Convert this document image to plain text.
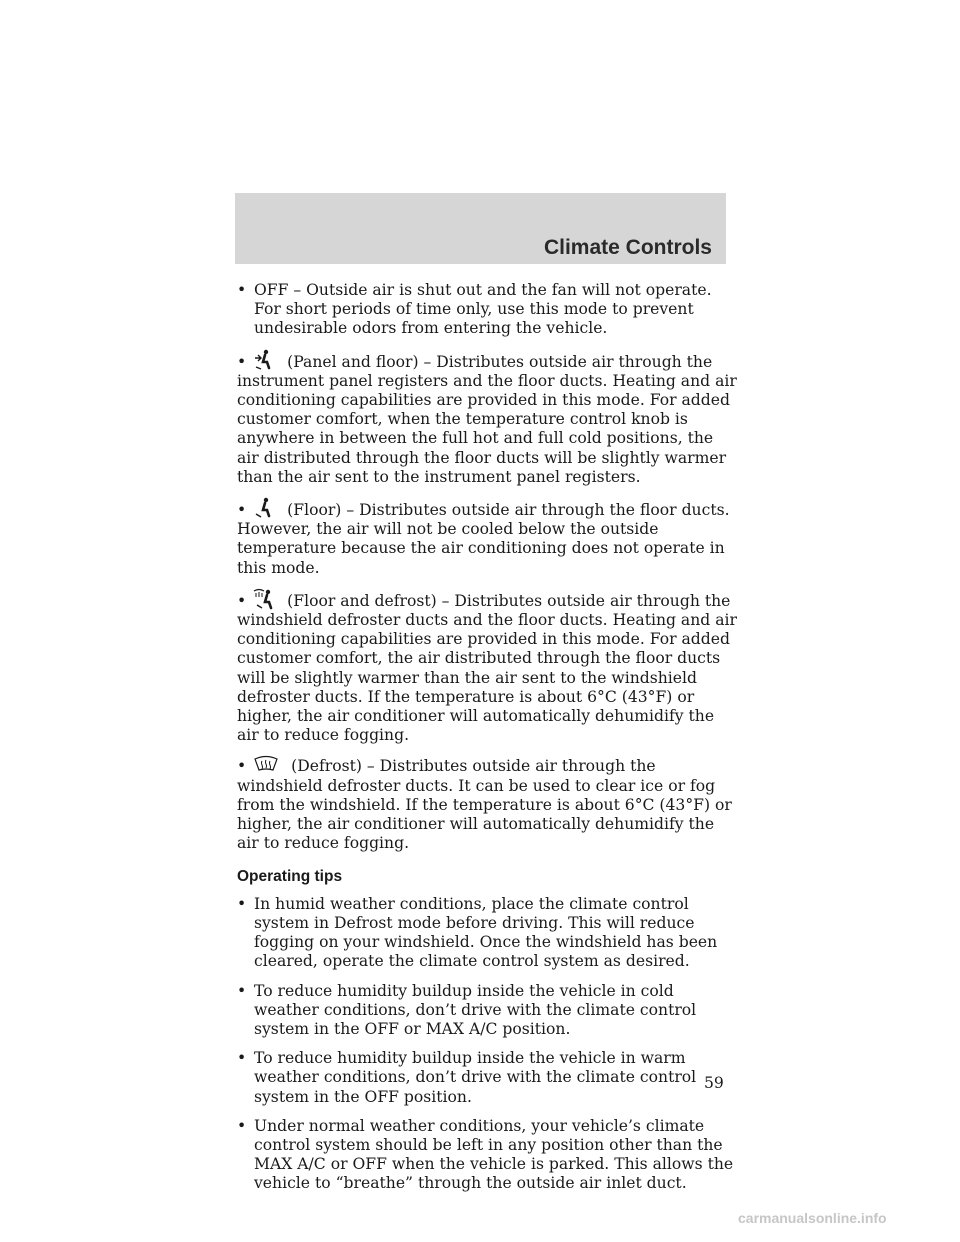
Climate Controls
• OFF – Outside air is shut out and the fan will not operate. For short periods of time only, use this mode to prevent undesirable odors from entering the vehicle.
•	(Panel and floor) – Distributes outside air through the instrument panel registers and the floor ducts. Heating and air conditioning capabilities are provided in this mode. For added customer comfort, when the temperature control knob is anywhere in between the full hot and full cold positions, the air distributed through the floor ducts will be slightly warmer than the air sent to the instrument panel registers.
•	(Floor) – Distributes outside air through the floor ducts. However, the air will not be cooled below the outside temperature because the air conditioning does not operate in this mode.
•	(Floor and defrost) – Distributes outside air through the windshield defroster ducts and the floor ducts. Heating and air conditioning capabilities are provided in this mode. For added customer comfort, the air distributed through the floor ducts will be slightly warmer than the air sent to the windshield defroster ducts. If the temperature is about 6°C (43°F) or higher, the air conditioner will automatically dehumidify the air to reduce fogging.
•	(Defrost) – Distributes outside air through the windshield defroster ducts. It can be used to clear ice or fog from the windshield. If the temperature is about 6°C (43°F) or higher, the air conditioner will automatically dehumidify the air to reduce fogging.
Operating tips
• In humid weather conditions, place the climate control system in Defrost mode before driving. This will reduce fogging on your windshield. Once the windshield has been cleared, operate the climate control system as desired.
• To reduce humidity buildup inside the vehicle in cold weather conditions, don’t drive with the climate control system in the OFF or MAX A/C position.
• To reduce humidity buildup inside the vehicle in warm weather conditions, don’t drive with the climate control system in the OFF position.
• Under normal weather conditions, your vehicle’s climate control system should be left in any position other than the MAX A/C or OFF when the vehicle is parked. This allows the vehicle to “breathe” through the outside air inlet duct.
59
carmanualsonline.info
